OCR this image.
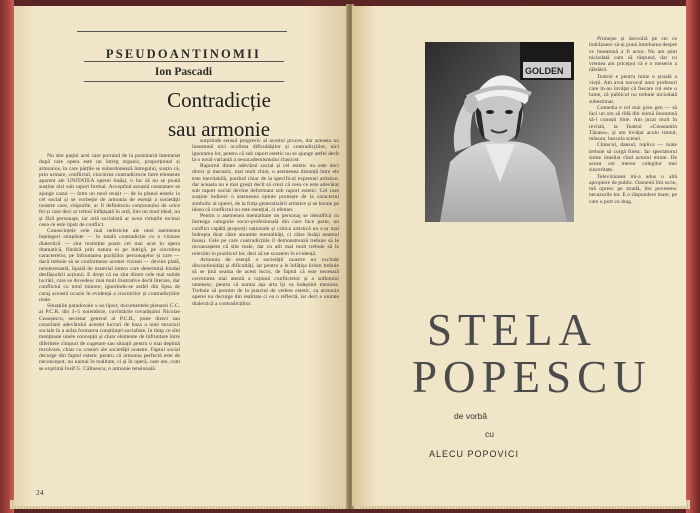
PSEUDOANTINOMII
Ion Pascadi
Contradicție
sau armonie

Nu sînt puțini acei care pornind de la postularul întemeiat după care opera este un întreg organic, proporțional și armonios, în care părțile se subordonează întregului, susțin că, prin urmare, conflictul, ciocnirea contradictorie între elemente aparent ale UNITATEA operei însăși, o fac să nu se poată susține nici sub raport formal. Acceptînd această constatare se ajunge cazul — între un mod reușit — de la planul estetic la cel social și se vorbește de armonia de esență a societății noastre care, chipurile, ar fi definitoriu conținutului de orice fel și care deci ar trebui înfățișată în artă, într-un mod ideal, nu și fără personaje, iar artă socialistă ar avea virtuțile tocmai ceea ce este lipsit de conflict.

Consecințele cele mai nefericite ale unei asemenea înțelegeri simpliste — în totală contradicție cu o viziune dialectică — sînt resimțite poate cel mai acut în opera dramatică, fiindcă prin natura ei pe intrigă, pe ciocnirea caracterelor, pe înfruntarea pozițiilor personajelor și care — dacă trebuie să se conformeze acestei viziuni — devine plată, neinteresantă, lipsită de material intern care determină fondul desfășurării acțiunii. E drept că nu sînt dintre cele mai solide lucrări, care se dovedesc mai mult ilustrative decît literare, dar conflictul cu totul minore, ignorîndu-se astfel din lipsa de curaj această ocazie în evidență a ciocnirilor și contradicțiilor reale.

Situațiile paradoxale x-au lipsit; documentele plenarei C.C. al P.C.R. din 3–5 noiembrie, cuvîntările tovarășului Nicolae Ceaușescu, secretar general al P.C.R., pune direct sau consiliate adevărului acestei lucruri de baza a unei structuri sociale în a arăta formarea conștiinței socialiste, în timp ce sînt menținute unele concepții și chiar elemente de înfruntare între diferitele cîmpuri de cugetare sau situații pentru o mai deplină rezolvare, chiar cu costuri ale societății noastre. Faptul social decurge din faptul estetic pentru că armonia perfectă este de neconceput, nu numai în realitate, ci și în operă, care are, cum se exprimă Iosif G. Călinescu, o armonie tensională.

surprinde sensul progresiv al acestui proces, dar aceasta nu înseamnă nici ocolirea dificultăților și contradicțiilor, nici ignorarea lor, pentru că sub raport estetic nu se ajunge astfel decît la o nouă variantă a neoacademismului clasicist.

Raportul dintre adevărul social și cel estetic nu este deci direct și mecanic, mai mult chiar, o asemenea distanță între ele este inevitabilă, purtînd chiar de la specificul expresiei artistice, dar aceasta nu e mai greșit decît să crezi că ceea ce este adevărat sub raport social devine deformant sub raport estetic. Cel care susține indirect o asemenea opinie pornește de la caracterul simbolic al operei, de la forța generalizării artistice și se bizuie pe ideea că conflictul nu este esențial, ci efemer.

Pentru o asemenea mentalitate un personaj se identifică cu întreaga categorie socio-profesională din care face parte, un conflict capătă proporții naționale și critica artistică nu s-ar mai îndrepta doar către anumite mentalități, ci către însăși neamul însuși. Cele pe care contradicțiile îl demonstrează trebuie să le recunoaștem că sînt reale, dar cu atît mai mult trebuie să le relevăm în pozitivul lor, deci să ne scoatem în evidență.

Armonia de esență a societății noastre nu exclude discontinuități și dificultăți, iar pentru a le înfățișa lirism trebuie să se țină seama de acest lucru, de faptul că este necesară cercetarea mai atentă a rațiunii conflictelor și a sufletului omenesc, pentru că numai așa arta își va îndeplini menirea. Trebuie să pornim de la punctul de vedere estetic, ca armonia operei nu decurge din realitate ci ea o reflectă, iar deci e unitate dialectică a contradicțiilor.

24
GOLDEN

Primește și dezvoltă pe cei ce îndrăznesc să-și pună întrebarea despre ce înseamnă a fi actor. Nu am știut niciodată cum să răspund, dar cu vremea am priceput că e o meserie a răbdării.

Teatrul e pentru mine o școală a vieții. Am avut norocul unor profesori care m-au învățat că fiecare rol este o lume, că publicul nu trebuie niciodată subestimat.

Comedia e cel mai greu gen — să faci un om să rîdă din inimă înseamnă să-l cunoști bine. Am jucat mult în revistă, la Teatrul «Constantin Tănase», și am învățat acolo ritmul, măsura, bucuria scenei.

Cîntecul, dansul, replica — toate trebuie să curgă firesc. Iar spectatorul simte imediat cînd actorul minte. De aceea cer mereu colegilor mei sinceritate.

Televiziunea mi-a adus o altă apropiere de public. Oamenii îmi scriu, mă opresc pe stradă, îmi povestesc necazurile lor. E o răspundere mare, pe care o port cu drag.

STELA
POPESCU
de vorbă
cu
ALECU POPOVICI
